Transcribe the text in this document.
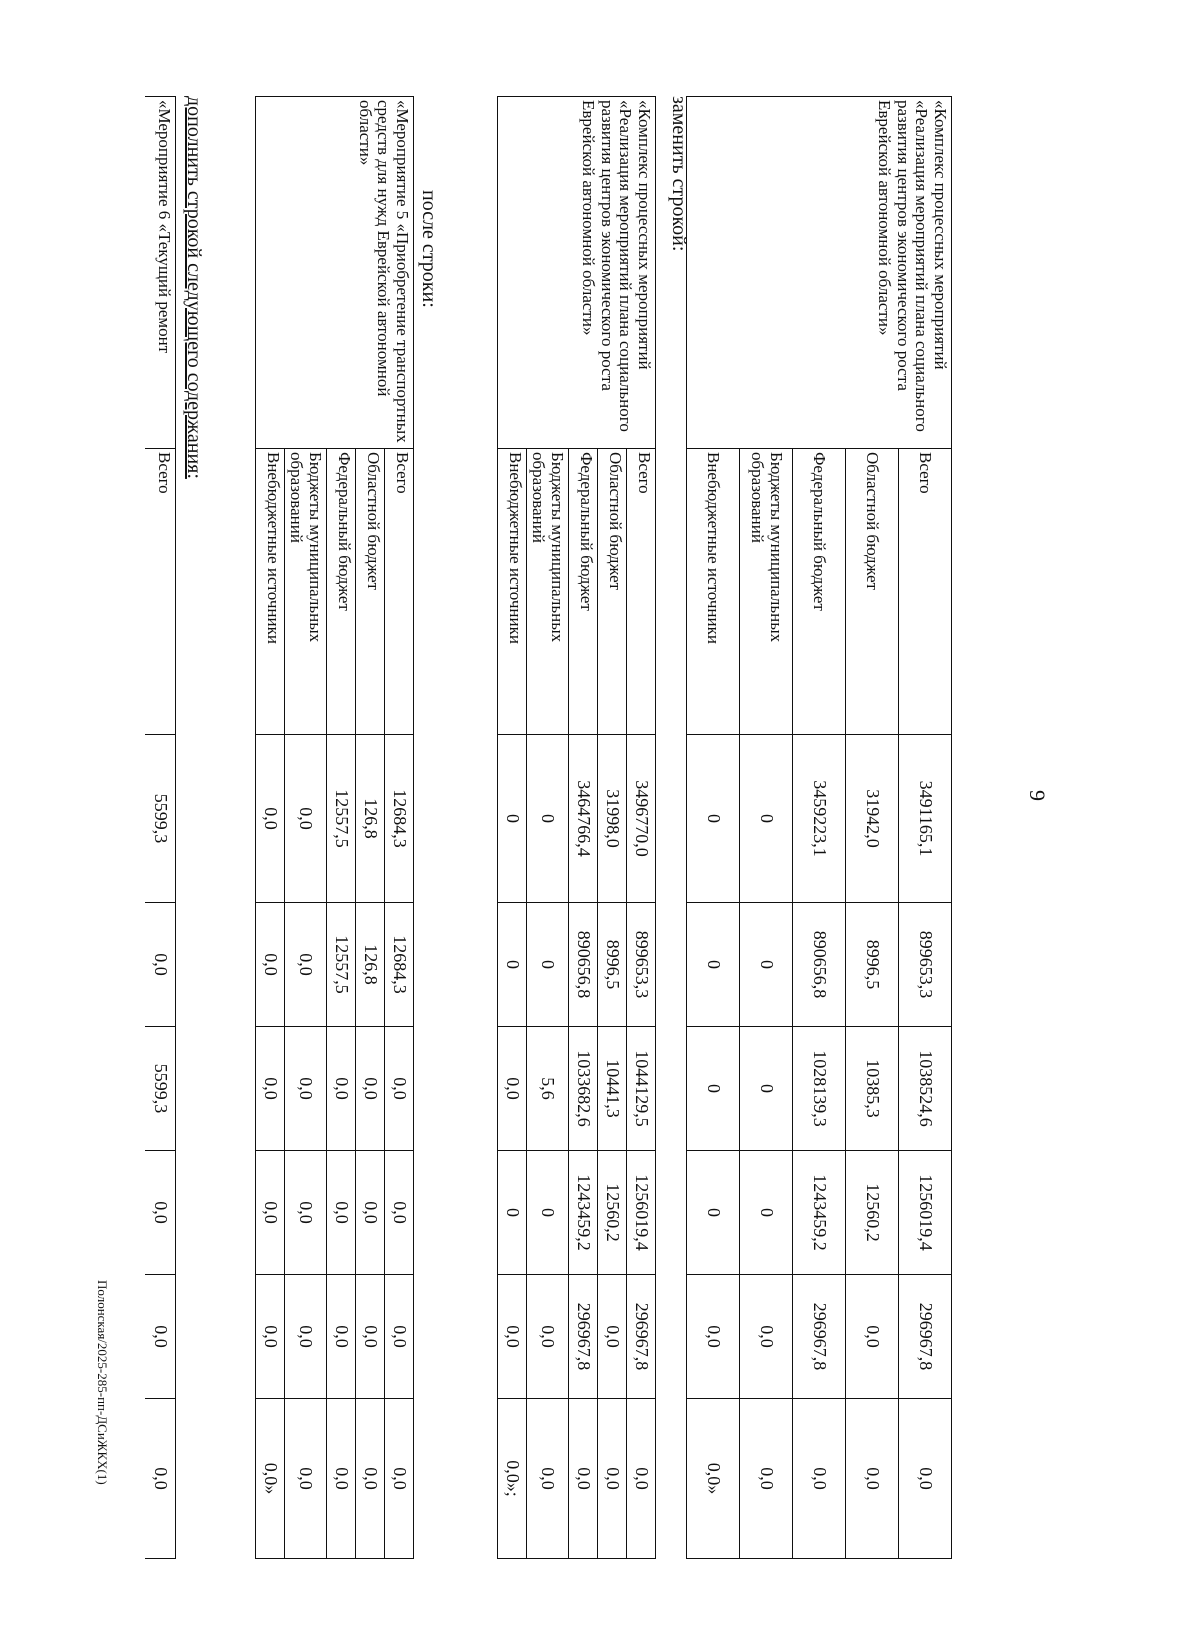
9
«Комплекс процессных мероприятий «Реализация мероприятий плана социального развития центров экономического роста Еврейской автономной области»	Всего	3491165,1	899653,3	1038524,6	1256019,4	296967,8	0,0
	Областной бюджет	31942,0	8996,5	10385,3	12560,2	0,0	0,0
	Федеральный бюджет	3459223,1	890656,8	1028139,3	1243459,2	296967,8	0,0
	Бюджеты муниципальных образований	0	0	0	0	0,0	0,0
	Внебюджетные источники	0	0	0	0	0,0	0,0»
заменить строкой:
«Комплекс процессных мероприятий «Реализация мероприятий плана социального развития центров экономического роста Еврейской автономной области»	Всего	3496770,0	899653,3	1044129,5	1256019,4	296967,8	0,0
	Областной бюджет	31998,0	8996,5	10441,3	12560,2	0,0	0,0
	Федеральный бюджет	3464766,4	890656,8	1033682,6	1243459,2	296967,8	0,0
	Бюджеты муниципальных образований	0	0	5,6	0	0,0	0,0
	Внебюджетные источники	0	0	0,0	0	0,0	0,0»;
после строки:
«Мероприятие 5 «Приобретение транспортных средств для нужд Еврейской автономной области»	Всего	12684,3	12684,3	0,0	0,0	0,0	0,0
	Областной бюджет	126,8	126,8	0,0	0,0	0,0	0,0
	Федеральный бюджет	12557,5	12557,5	0,0	0,0	0,0	0,0
	Бюджеты муниципальных образований	0,0	0,0	0,0	0,0	0,0	0,0
	Внебюджетные источники	0,0	0,0	0,0	0,0	0,0	0,0»
дополнить строкой следующего содержания:
«Мероприятие 6 «Текущий ремонт	Всего	5599,3	0,0	5599,3	0,0	0,0	0,0
Полонская/2025-285-пп-ДСиЖКХ(1)
